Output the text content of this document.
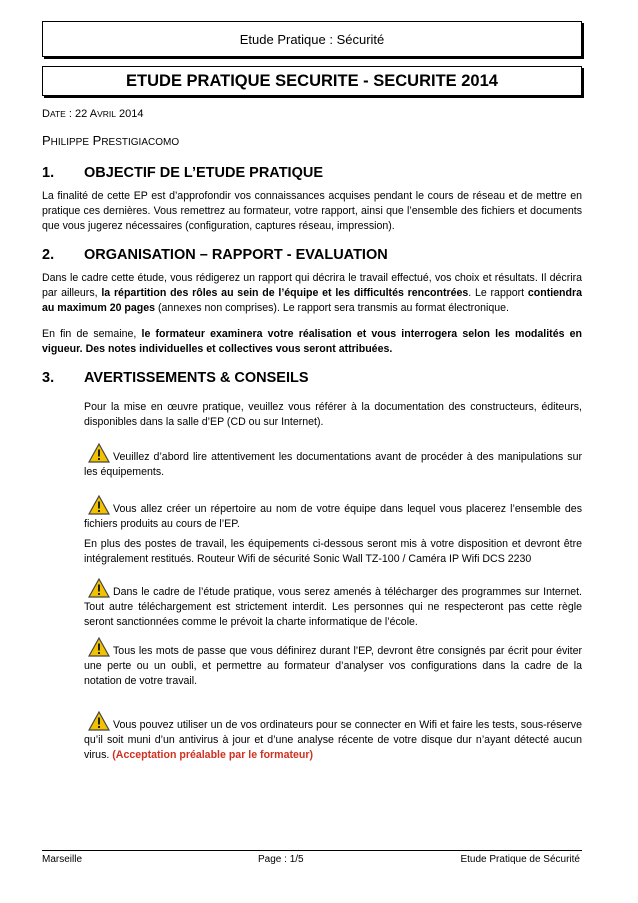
Etude Pratique : Sécurité
ETUDE PRATIQUE SECURITE - SECURITE 2014
DATE : 22 AVRIL 2014
PHILIPPE PRESTIGIACOMO
1. OBJECTIF DE L’ETUDE PRATIQUE
La finalité de cette EP est d’approfondir vos connaissances acquises pendant le cours de réseau et de mettre en pratique ces dernières. Vous remettrez au formateur, votre rapport, ainsi que l’ensemble des fichiers et documents que vous jugerez nécessaires (configuration, captures réseau, impression).
2. ORGANISATION – RAPPORT - EVALUATION
Dans le cadre cette étude, vous rédigerez un rapport qui décrira le travail effectué, vos choix et résultats. Il décrira par ailleurs, la répartition des rôles au sein de l’équipe et les difficultés rencontrées. Le rapport contiendra au maximum 20 pages (annexes non comprises). Le rapport sera transmis au format électronique.
En fin de semaine, le formateur examinera votre réalisation et vous interrogera selon les modalités en vigueur. Des notes individuelles et collectives vous seront attribuées.
3. AVERTISSEMENTS & CONSEILS
Pour la mise en œuvre pratique, veuillez vous référer à la documentation des constructeurs, éditeurs, disponibles dans la salle d’EP (CD ou sur Internet).
Veuillez d’abord lire attentivement les documentations avant de procéder à des manipulations sur les équipements.
Vous allez créer un répertoire au nom de votre équipe dans lequel vous placerez l’ensemble des fichiers produits au cours de l’EP.
En plus des postes de travail, les équipements ci-dessous seront mis à votre disposition et devront être intégralement restitués. Routeur Wifi de sécurité Sonic Wall TZ-100 / Caméra IP Wifi DCS 2230
Dans le cadre de l’étude pratique, vous serez amenés à télécharger des programmes sur Internet. Tout autre téléchargement est strictement interdit. Les personnes qui ne respecteront pas cette règle seront sanctionnées comme le prévoit la charte informatique de l’école.
Tous les mots de passe que vous définirez durant l’EP, devront être consignés par écrit pour éviter une perte ou un oubli, et permettre au formateur d’analyser vos configurations dans la cadre de la notation de votre travail.
Vous pouvez utiliser un de vos ordinateurs pour se connecter en Wifi et faire les tests, sous-réserve qu’il soit muni d’un antivirus à jour et d’une analyse récente de votre disque dur n’ayant détecté aucun virus. (Acceptation préalable par le formateur)
Marseille	Page : 1/5	Etude Pratique de Sécurité
